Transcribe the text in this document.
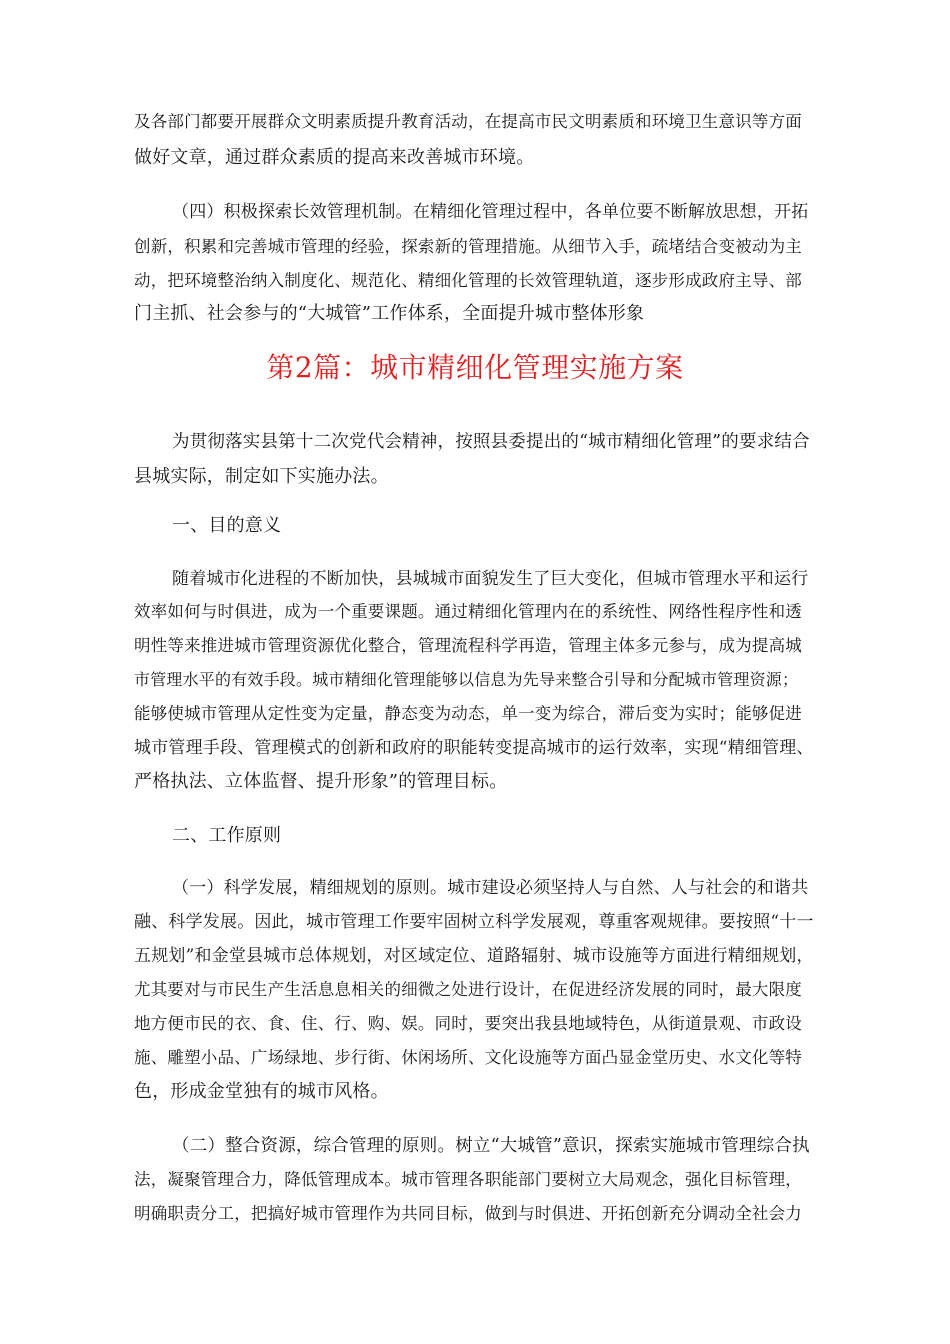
及各部门都要开展群众文明素质提升教育活动，在提高市民文明素质和环境卫生意识等方面
做好文章，通过群众素质的提高来改善城市环境。
（四）积极探索长效管理机制。在精细化管理过程中，各单位要不断解放思想，开拓
创新，积累和完善城市管理的经验，探索新的管理措施。从细节入手，疏堵结合变被动为主
动，把环境整治纳入制度化、规范化、精细化管理的长效管理轨道，逐步形成政府主导、部
门主抓、社会参与的“大城管”工作体系，全面提升城市整体形象
第2篇：城市精细化管理实施方案
为贯彻落实县第十二次党代会精神，按照县委提出的“城市精细化管理”的要求结合
县城实际，制定如下实施办法。
一、目的意义
随着城市化进程的不断加快，县城城市面貌发生了巨大变化，但城市管理水平和运行
效率如何与时俱进，成为一个重要课题。通过精细化管理内在的系统性、网络性程序性和透
明性等来推进城市管理资源优化整合，管理流程科学再造，管理主体多元参与，成为提高城
市管理水平的有效手段。城市精细化管理能够以信息为先导来整合引导和分配城市管理资源；
能够使城市管理从定性变为定量，静态变为动态，单一变为综合，滞后变为实时；能够促进
城市管理手段、管理模式的创新和政府的职能转变提高城市的运行效率，实现“精细管理、
严格执法、立体监督、提升形象”的管理目标。
二、工作原则
（一）科学发展，精细规划的原则。城市建设必须坚持人与自然、人与社会的和谐共
融、科学发展。因此，城市管理工作要牢固树立科学发展观，尊重客观规律。要按照“十一
五规划”和金堂县城市总体规划，对区域定位、道路辐射、城市设施等方面进行精细规划，
尤其要对与市民生产生活息息相关的细微之处进行设计，在促进经济发展的同时，最大限度
地方便市民的衣、食、住、行、购、娱。同时，要突出我县地域特色，从街道景观、市政设
施、雕塑小品、广场绿地、步行街、休闲场所、文化设施等方面凸显金堂历史、水文化等特
色，形成金堂独有的城市风格。
（二）整合资源，综合管理的原则。树立“大城管”意识，探索实施城市管理综合执
法，凝聚管理合力，降低管理成本。城市管理各职能部门要树立大局观念，强化目标管理，
明确职责分工，把搞好城市管理作为共同目标，做到与时俱进、开拓创新充分调动全社会力
